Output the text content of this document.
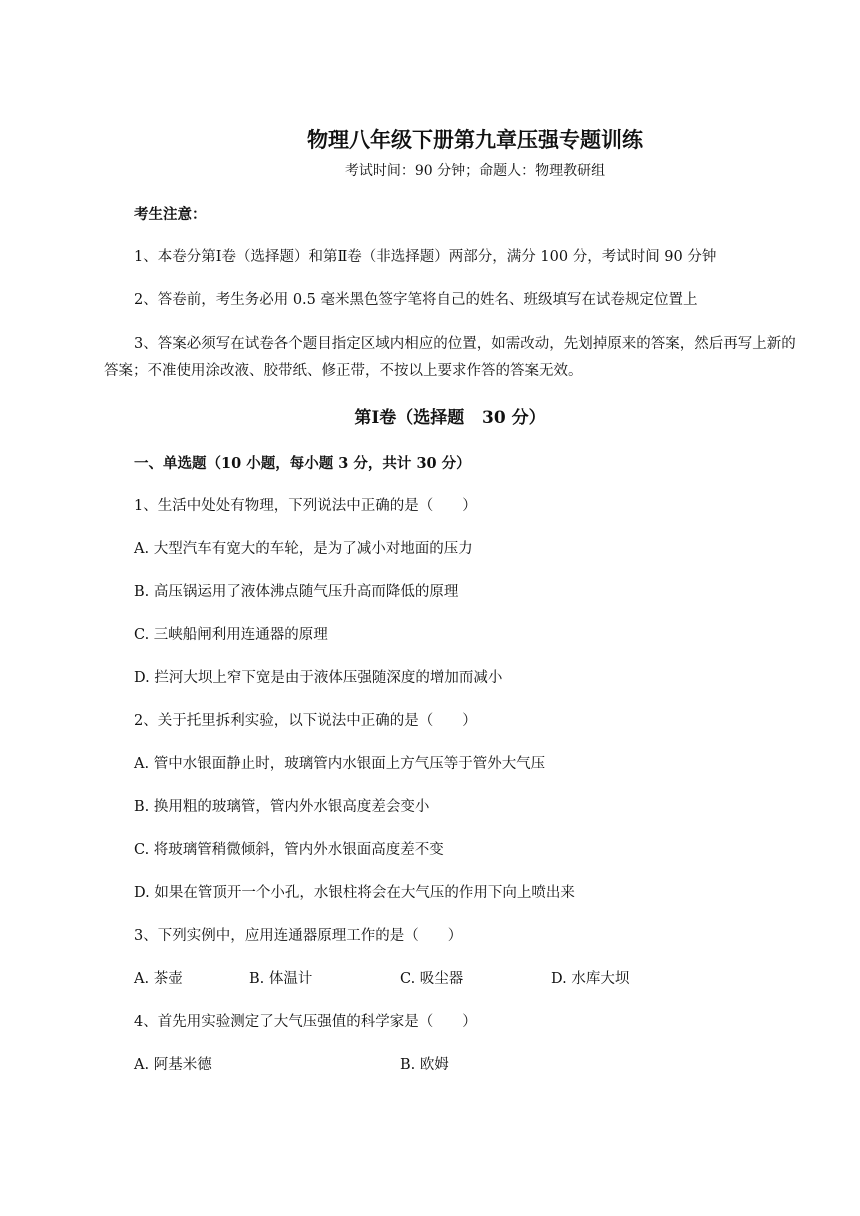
物理八年级下册第九章压强专题训练
考试时间：90 分钟；命题人：物理教研组
考生注意：
1、本卷分第Ⅰ卷（选择题）和第Ⅱ卷（非选择题）两部分，满分 100 分，考试时间 90 分钟
2、答卷前，考生务必用 0.5 毫米黑色签字笔将自己的姓名、班级填写在试卷规定位置上
3、答案必须写在试卷各个题目指定区域内相应的位置，如需改动，先划掉原来的答案，然后再写上新的答案；不准使用涂改液、胶带纸、修正带，不按以上要求作答的答案无效。
第Ⅰ卷（选择题   30 分）
一、单选题（10 小题，每小题 3 分，共计 30 分）
1、生活中处处有物理，下列说法中正确的是（　　）
A. 大型汽车有宽大的车轮，是为了减小对地面的压力
B. 高压锅运用了液体沸点随气压升高而降低的原理
C. 三峡船闸利用连通器的原理
D. 拦河大坝上窄下宽是由于液体压强随深度的增加而减小
2、关于托里拆利实验，以下说法中正确的是（　　）
A. 管中水银面静止时，玻璃管内水银面上方气压等于管外大气压
B. 换用粗的玻璃管，管内外水银高度差会变小
C. 将玻璃管稍微倾斜，管内外水银面高度差不变
D. 如果在管顶开一个小孔，水银柱将会在大气压的作用下向上喷出来
3、下列实例中，应用连通器原理工作的是（　　）
A. 茶壶	B. 体温计	C. 吸尘器	D. 水库大坝
4、首先用实验测定了大气压强值的科学家是（　　）
A. 阿基米德	B. 欧姆
